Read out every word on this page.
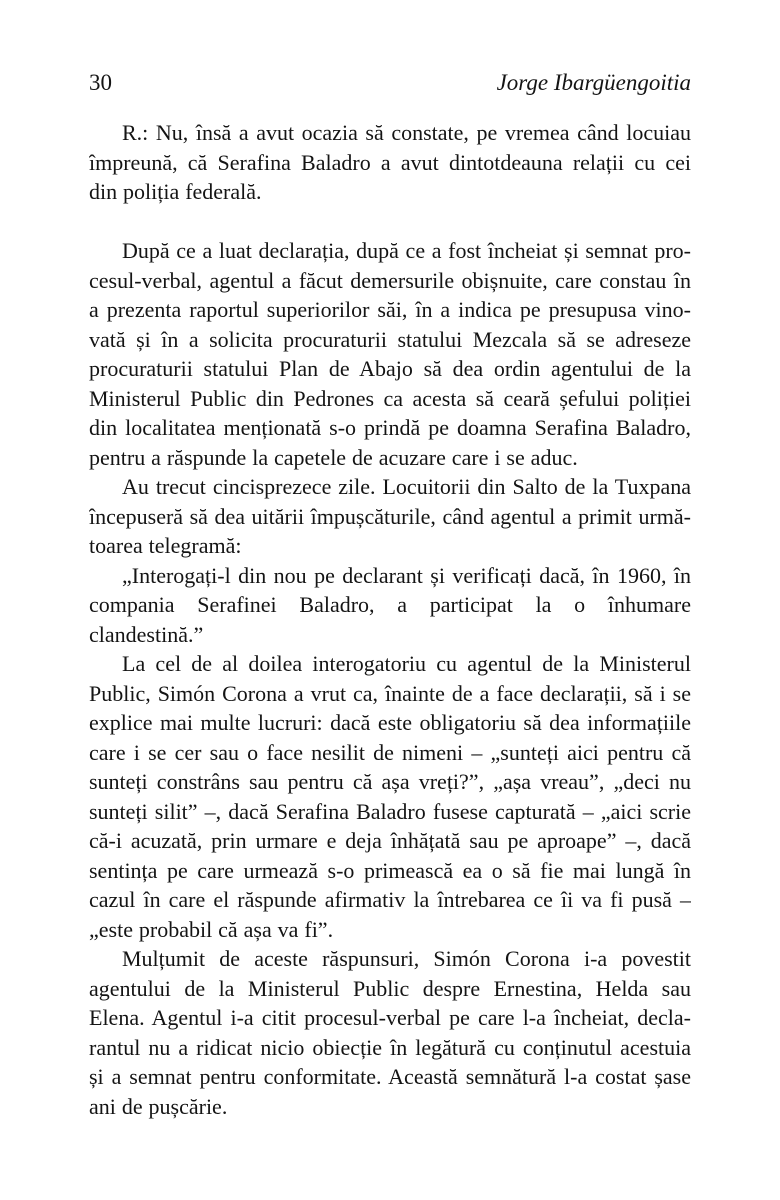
30	Jorge Ibargüengoitia
R.: Nu, însă a avut ocazia să constate, pe vremea când locuiau
împreună, că Serafina Baladro a avut dintotdeauna relații cu cei
din poliția federală.
După ce a luat declarația, după ce a fost încheiat și semnat pro-
cesul-verbal, agentul a făcut demersurile obișnuite, care constau în
a prezenta raportul superiorilor săi, în a indica pe presupusa vino-
vată și în a solicita procuraturii statului Mezcala să se adreseze
procuraturii statului Plan de Abajo să dea ordin agentului de la
Ministerul Public din Pedrones ca acesta să ceară șefului poliției
din localitatea menționată s-o prindă pe doamna Serafina Baladro,
pentru a răspunde la capetele de acuzare care i se aduc.
Au trecut cincisprezece zile. Locuitorii din Salto de la Tuxpana
începuseră să dea uitării împușcăturile, când agentul a primit urmă-
toarea telegramă:
„Interogați-l din nou pe declarant și verificați dacă, în 1960, în
compania Serafinei Baladro, a participat la o înhumare
clandestină.”
La cel de al doilea interogatoriu cu agentul de la Ministerul
Public, Simón Corona a vrut ca, înainte de a face declarații, să i se
explice mai multe lucruri: dacă este obligatoriu să dea informațiile
care i se cer sau o face nesilit de nimeni – „sunteți aici pentru că
sunteți constrâns sau pentru că așa vreți?”, „așa vreau”, „deci nu
sunteți silit” –, dacă Serafina Baladro fusese capturată – „aici scrie
că-i acuzată, prin urmare e deja înhățată sau pe aproape” –, dacă
sentința pe care urmează s-o primească ea o să fie mai lungă în
cazul în care el răspunde afirmativ la întrebarea ce îi va fi pusă –
„este probabil că așa va fi”.
Mulțumit de aceste răspunsuri, Simón Corona i-a povestit
agentului de la Ministerul Public despre Ernestina, Helda sau
Elena. Agentul i-a citit procesul-verbal pe care l-a încheiat, decla-
rantul nu a ridicat nicio obiecție în legătură cu conținutul acestuia
și a semnat pentru conformitate. Această semnătură l-a costat șase
ani de pușcărie.
